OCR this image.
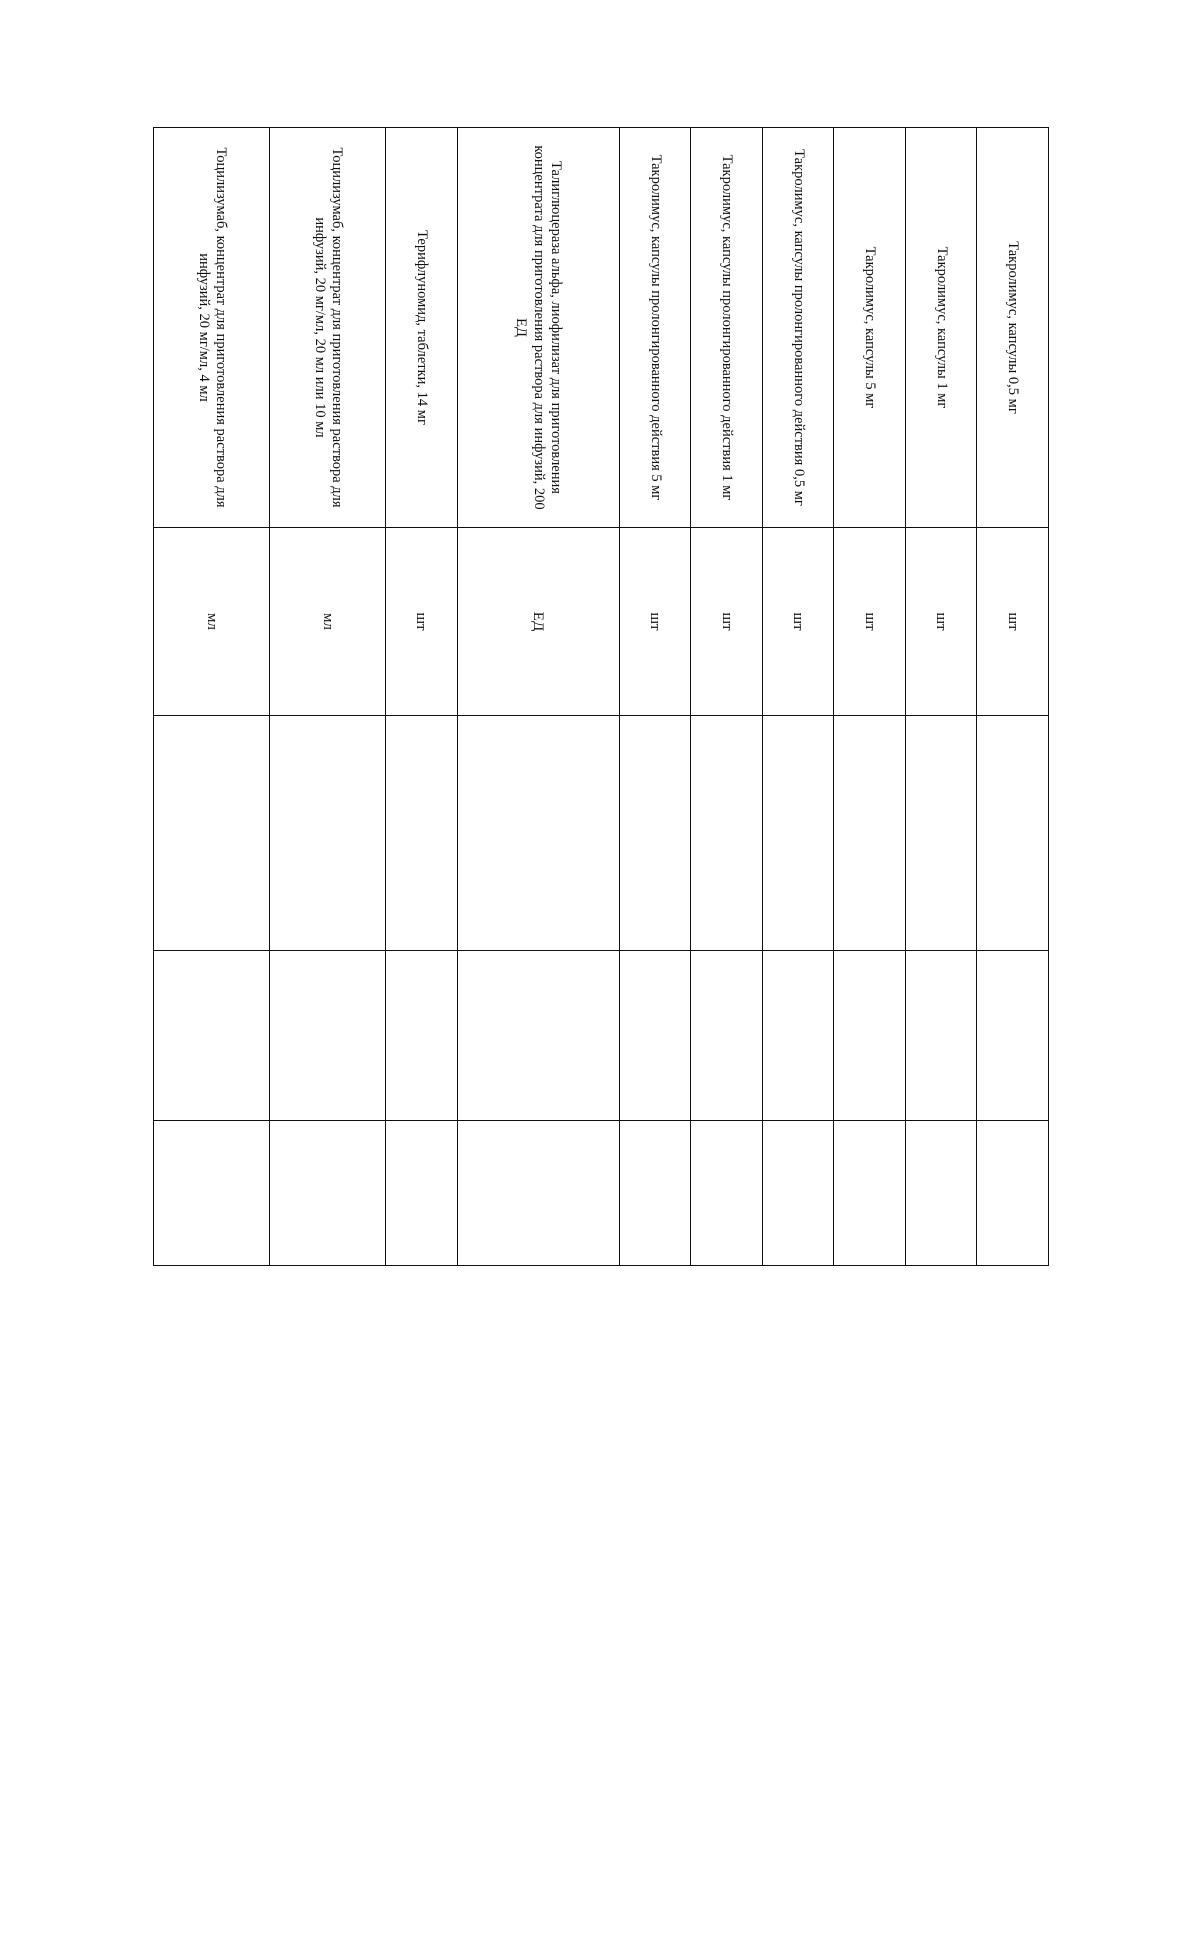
Такролимус, капсулы 0,5 мг	шт			
Такролимус, капсулы 1 мг	шт			
Такролимус, капсулы 5 мг	шт			
Такролимус, капсулы пролонгированного действия 0,5 мг	шт			
Такролимус, капсулы пролонгированного действия 1 мг	шт			
Такролимус, капсулы пролонгированного действия 5 мг	шт			
Талиглюцераза альфа, лиофилизат для приготовления концентрата для приготовления раствора для инфузий, 200 ЕД	ЕД			
Терифлуномид, таблетки, 14 мг	шт			
Тоцилизумаб, концентрат для приготовления раствора для инфузий, 20 мг/мл, 20 мл или 10 мл	мл			
Тоцилизумаб, концентрат для приготовления раствора для инфузий, 20 мг/мл, 4 мл	мл			
